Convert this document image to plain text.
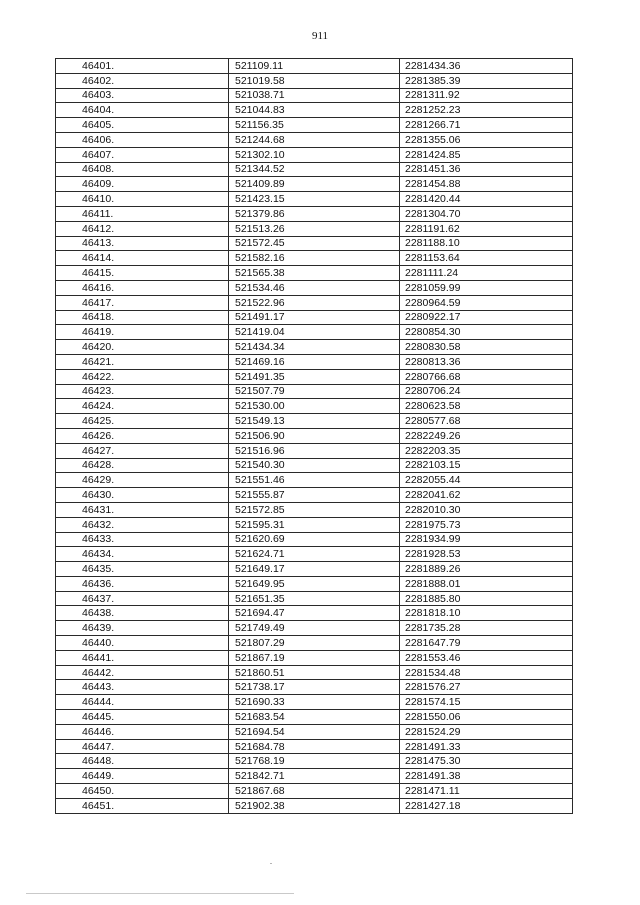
911
46401.	521109.11	2281434.36
46402.	521019.58	2281385.39
46403.	521038.71	2281311.92
46404.	521044.83	2281252.23
46405.	521156.35	2281266.71
46406.	521244.68	2281355.06
46407.	521302.10	2281424.85
46408.	521344.52	2281451.36
46409.	521409.89	2281454.88
46410.	521423.15	2281420.44
46411.	521379.86	2281304.70
46412.	521513.26	2281191.62
46413.	521572.45	2281188.10
46414.	521582.16	2281153.64
46415.	521565.38	2281111.24
46416.	521534.46	2281059.99
46417.	521522.96	2280964.59
46418.	521491.17	2280922.17
46419.	521419.04	2280854.30
46420.	521434.34	2280830.58
46421.	521469.16	2280813.36
46422.	521491.35	2280766.68
46423.	521507.79	2280706.24
46424.	521530.00	2280623.58
46425.	521549.13	2280577.68
46426.	521506.90	2282249.26
46427.	521516.96	2282203.35
46428.	521540.30	2282103.15
46429.	521551.46	2282055.44
46430.	521555.87	2282041.62
46431.	521572.85	2282010.30
46432.	521595.31	2281975.73
46433.	521620.69	2281934.99
46434.	521624.71	2281928.53
46435.	521649.17	2281889.26
46436.	521649.95	2281888.01
46437.	521651.35	2281885.80
46438.	521694.47	2281818.10
46439.	521749.49	2281735.28
46440.	521807.29	2281647.79
46441.	521867.19	2281553.46
46442.	521860.51	2281534.48
46443.	521738.17	2281576.27
46444.	521690.33	2281574.15
46445.	521683.54	2281550.06
46446.	521694.54	2281524.29
46447.	521684.78	2281491.33
46448.	521768.19	2281475.30
46449.	521842.71	2281491.38
46450.	521867.68	2281471.11
46451.	521902.38	2281427.18
